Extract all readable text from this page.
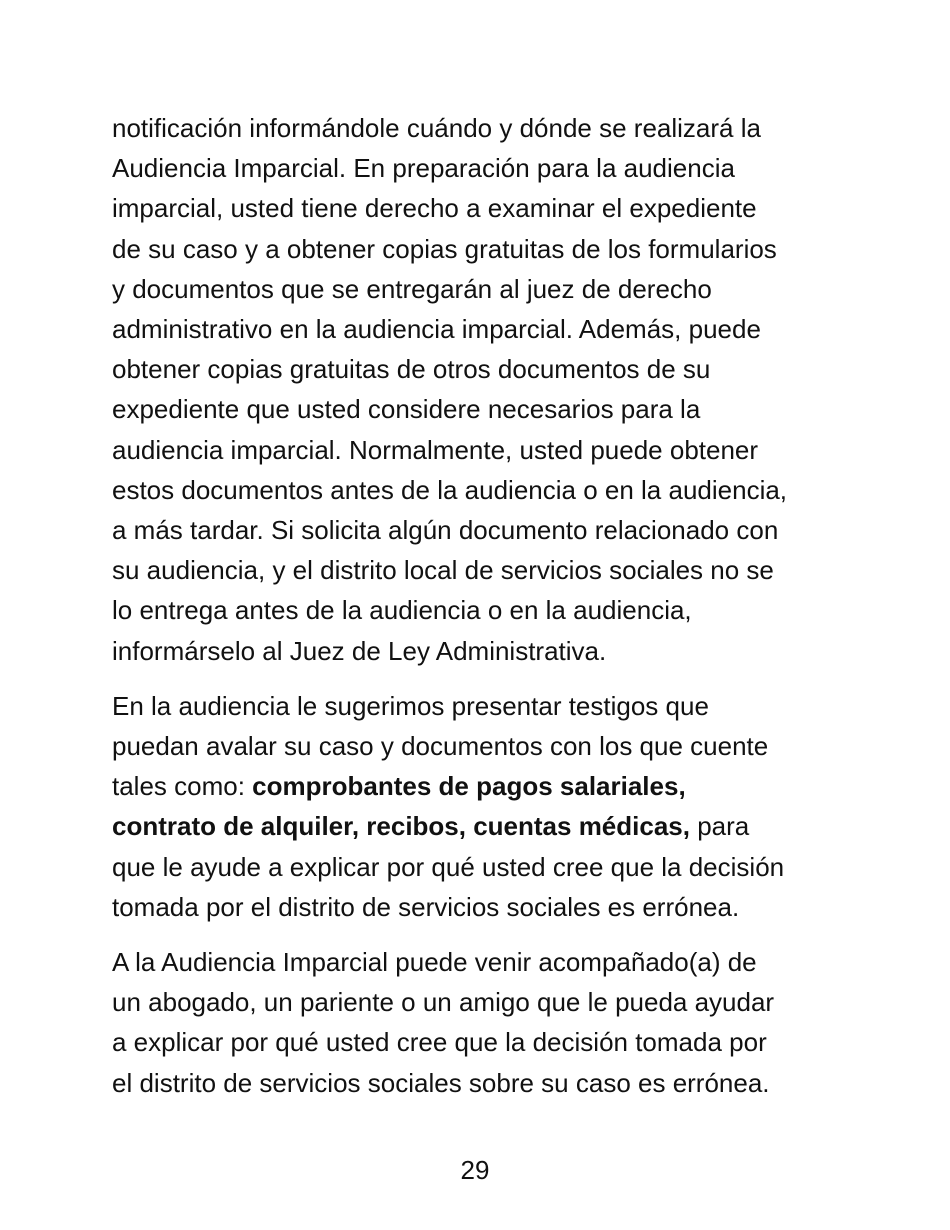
notificación informándole cuándo y dónde se realizará la
Audiencia Imparcial. En preparación para la audiencia
imparcial, usted tiene derecho a examinar el expediente
de su caso y a obtener copias gratuitas de los formularios
y documentos que se entregarán al juez de derecho
administrativo en la audiencia imparcial. Además, puede
obtener copias gratuitas de otros documentos de su
expediente que usted considere necesarios para la
audiencia imparcial. Normalmente, usted puede obtener
estos documentos antes de la audiencia o en la audiencia,
a más tardar. Si solicita algún documento relacionado con
su audiencia, y el distrito local de servicios sociales no se
lo entrega antes de la audiencia o en la audiencia,
informárselo al Juez de Ley Administrativa.

En la audiencia le sugerimos presentar testigos que
puedan avalar su caso y documentos con los que cuente
tales como: comprobantes de pagos salariales,
contrato de alquiler, recibos, cuentas médicas, para
que le ayude a explicar por qué usted cree que la decisión
tomada por el distrito de servicios sociales es errónea.

A la Audiencia Imparcial puede venir acompañado(a) de
un abogado, un pariente o un amigo que le pueda ayudar
a explicar por qué usted cree que la decisión tomada por
el distrito de servicios sociales sobre su caso es errónea.

29
